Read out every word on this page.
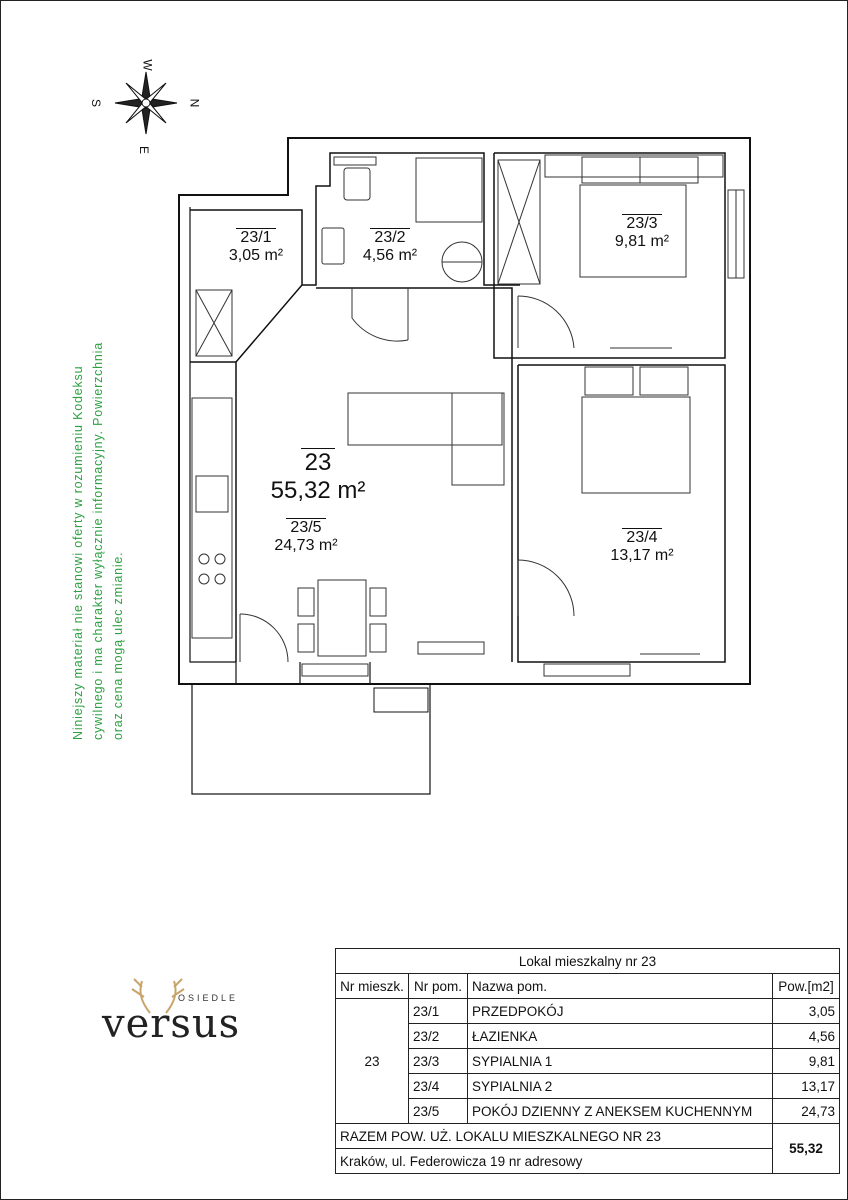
W
S	N
E
23/1
3,05 m²
23/2
4,56 m²
23/3
9,81 m²
23/4
13,17 m²
23
55,32 m²
23/5
24,73 m²
Niniejszy materiał nie stanowi oferty w rozumieniu Kodeksu cywilnego i ma charakter wyłącznie informacyjny. Powierzchnia oraz cena mogą ulec zmianie.
OSIEDLE
versus
Lokal mieszkalny nr 23			
Nr mieszk.	Nr pom.	Nazwa pom.	Pow.[m2]
23	23/1	PRZEDPOKÓJ	3,05
	23/2	ŁAZIENKA	4,56
	23/3	SYPIALNIA 1	9,81
	23/4	SYPIALNIA 2	13,17
	23/5	POKÓJ DZIENNY Z ANEKSEM KUCHENNYM	24,73
RAZEM POW. UŻ. LOKALU MIESZKALNEGO NR 23			55,32
Kraków, ul. Federowicza 19 nr adresowy			
